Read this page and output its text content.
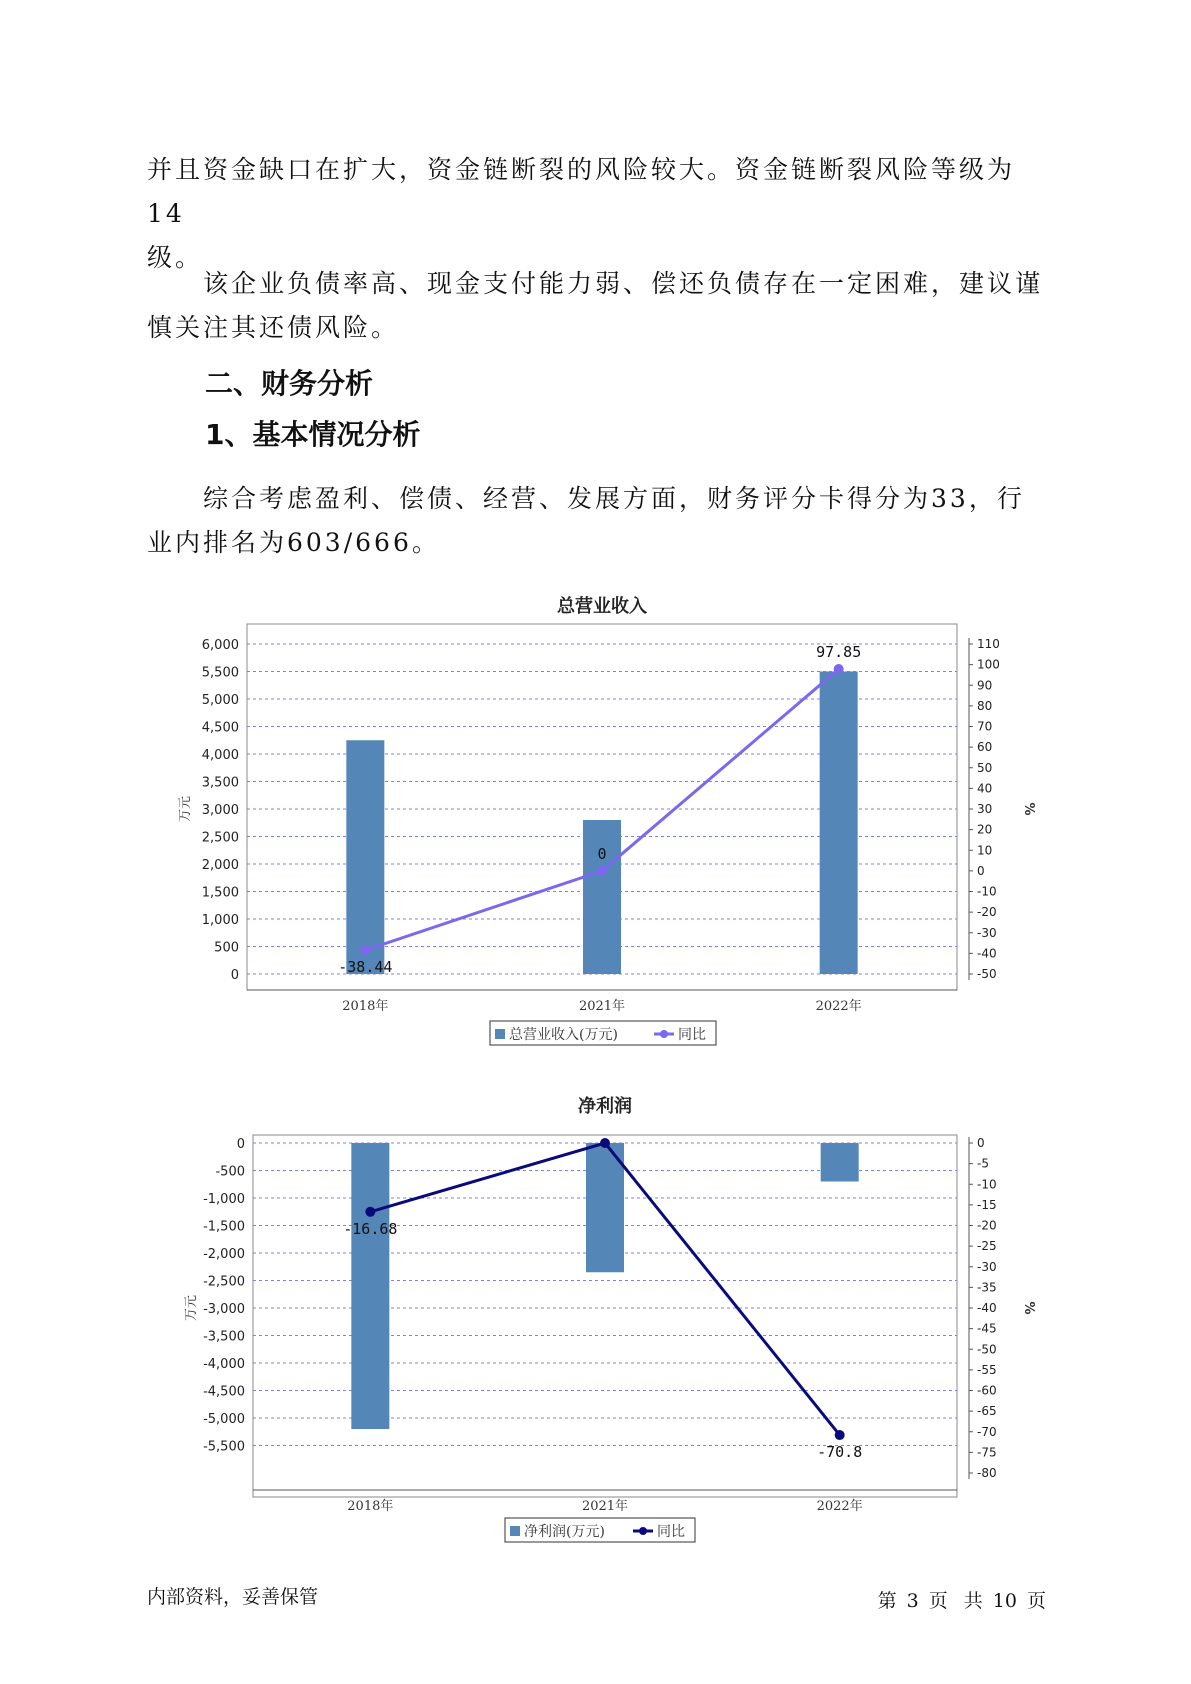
并且资金缺口在扩大，资金链断裂的风险较大。资金链断裂风险等级为14
级。

该企业负债率高、现金支付能力弱、偿还负债存在一定困难，建议谨慎关注其还债风险。

二、财务分析
1、基本情况分析

综合考虑盈利、偿债、经营、发展方面，财务评分卡得分为33，行业内排名为603/666。

总营业收入
0
500
1,000
1,500
2,000
2,500
3,000
3,500
4,000
4,500
5,000
5,500
6,000
-50
-40
-30
-20
-10
0
10
20
30
40
50
60
70
80
90
100
110
万元	%
2018年	2021年	2022年
-38.44
0
97.85
总营业收入(万元)	同比
净利润
0
-500
-1,000
-1,500
-2,000
-2,500
-3,000
-3,500
-4,000
-4,500
-5,000
-5,500
0
-5
-10
-15
-20
-25
-30
-35
-40
-45
-50
-55
-60
-65
-70
-75
-80
万元	%
2018年	2021年	2022年
-16.68
-70.8
净利润(万元)	同比
内部资料，妥善保管	第 3 页 共 10 页
